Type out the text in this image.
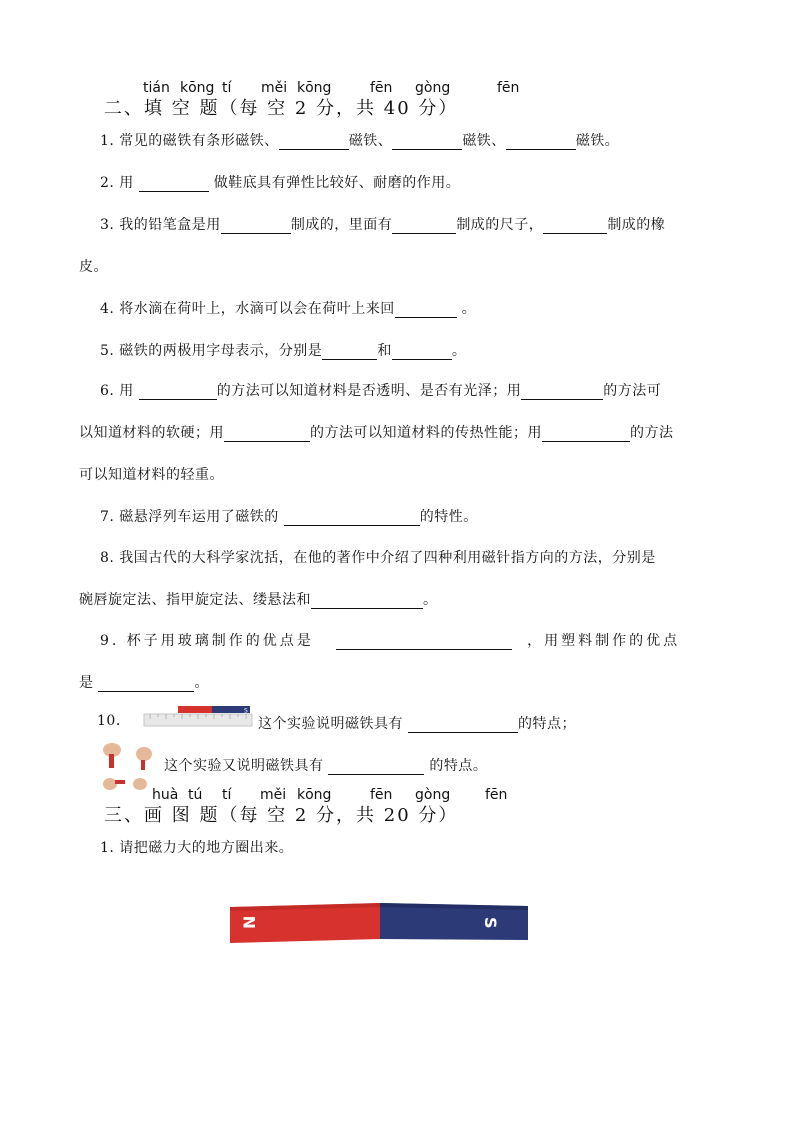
tián kōng tí měi kōng	fēn gòng	fēn
二、填 空 题（每 空 2 分，共 40 分）
1. 常见的磁铁有条形磁铁、	磁铁、	磁铁、	磁铁。
2. 用	做鞋底具有弹性比较好、耐磨的作用。
3. 我的铅笔盒是用	制成的，里面有	制成的尺子，	制成的橡
皮。
4. 将水滴在荷叶上，水滴可以会在荷叶上来回	。
5. 磁铁的两极用字母表示，分别是	和	。
6. 用	的方法可以知道材料是否透明、是否有光泽；用	的方法可
以知道材料的软硬；用	的方法可以知道材料的传热性能；用	的方法
可以知道材料的轻重。
7. 磁悬浮列车运用了磁铁的	的特性。
8. 我国古代的大科学家沈括，在他的著作中介绍了四种利用磁针指方向的方法，分别是
碗唇旋定法、指甲旋定法、缕悬法和	。
9. 杯子用玻璃制作的优点是	，用塑料制作的优点
是	。
10.
S
这个实验说明磁铁具有	的特点；
这个实验又说明磁铁具有	的特点。
huà tú tí měi kōng	fēn gòng fēn
三、画 图 题（每 空 2 分，共 20 分）
1. 请把磁力大的地方圈出来。
N	S
